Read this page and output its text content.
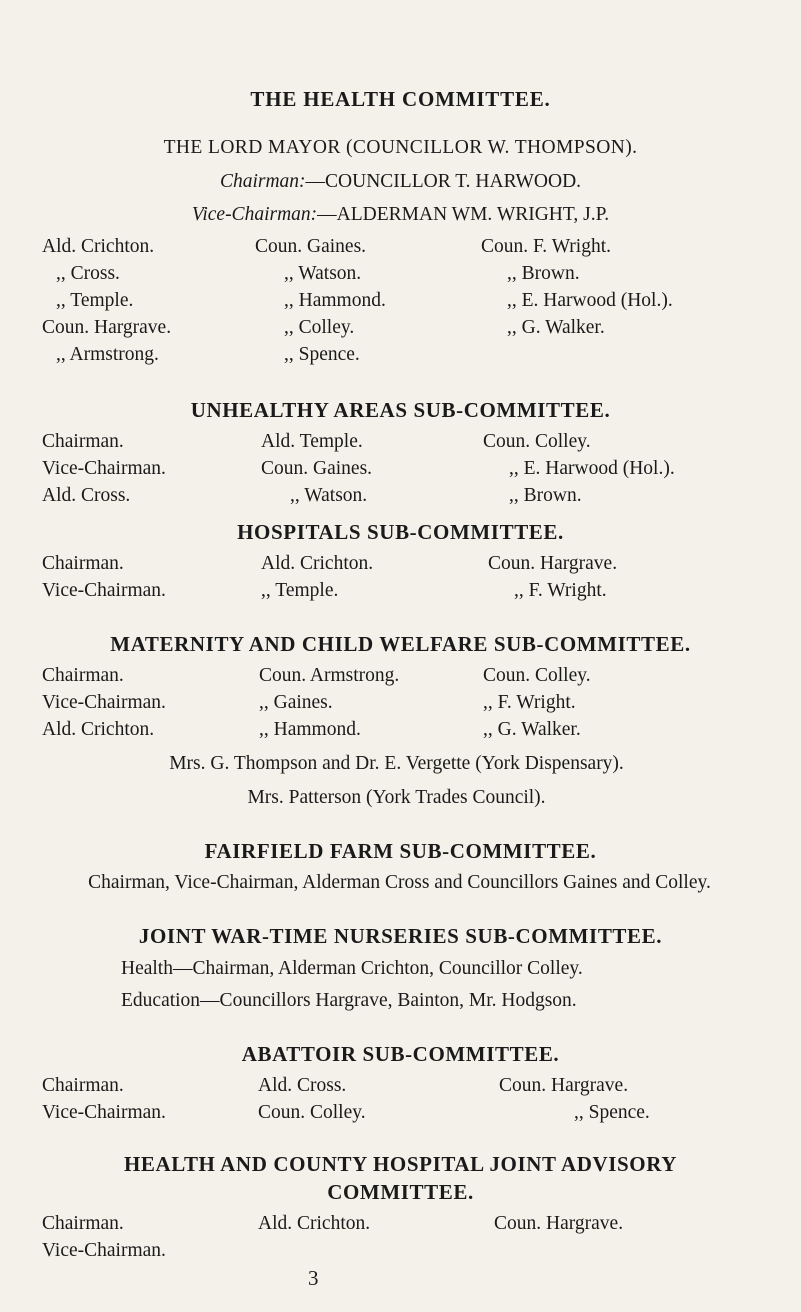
THE HEALTH COMMITTEE.
THE LORD MAYOR (COUNCILLOR W. THOMPSON).
Chairman:—COUNCILLOR T. HARWOOD.
Vice-Chairman:—ALDERMAN WM. WRIGHT, J.P.
Ald. Crichton.
,, Cross.
,, Temple.
Coun. Hargrave.
,, Armstrong.
Coun. Gaines.
,, Watson.
,, Hammond.
,, Colley.
,, Spence.
Coun. F. Wright.
,, Brown.
,, E. Harwood (Hol.).
,, G. Walker.
UNHEALTHY AREAS SUB-COMMITTEE.
Chairman.
Vice-Chairman.
Ald. Cross.
Ald. Temple.
Coun. Gaines.
,, Watson.
Coun. Colley.
,, E. Harwood (Hol.).
,, Brown.
HOSPITALS SUB-COMMITTEE.
Chairman.
Vice-Chairman.
Ald. Crichton.
,, Temple.
Coun. Hargrave.
,, F. Wright.
MATERNITY AND CHILD WELFARE SUB-COMMITTEE.
Chairman.
Vice-Chairman.
Ald. Crichton.
Coun. Armstrong.
,, Gaines.
,, Hammond.
Coun. Colley.
,, F. Wright.
,, G. Walker.
Mrs. G. Thompson and Dr. E. Vergette (York Dispensary).
Mrs. Patterson (York Trades Council).
FAIRFIELD FARM SUB-COMMITTEE.
Chairman, Vice-Chairman, Alderman Cross and Councillors Gaines and Colley.
JOINT WAR-TIME NURSERIES SUB-COMMITTEE.
Health—Chairman, Alderman Crichton, Councillor Colley.
Education—Councillors Hargrave, Bainton, Mr. Hodgson.
ABATTOIR SUB-COMMITTEE.
Chairman.
Vice-Chairman.
Ald. Cross.
Coun. Colley.
Coun. Hargrave.
,, Spence.
HEALTH AND COUNTY HOSPITAL JOINT ADVISORY
COMMITTEE.
Chairman.
Vice-Chairman.
Ald. Crichton.	Coun. Hargrave.
3
